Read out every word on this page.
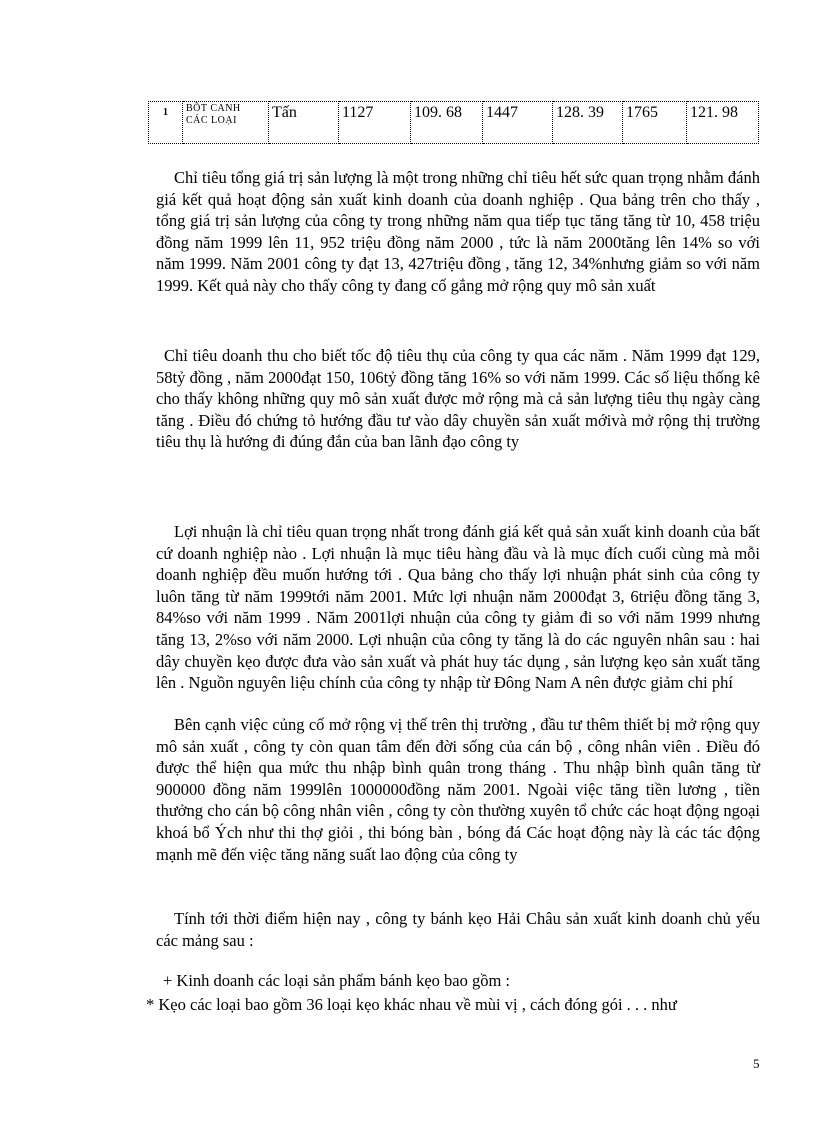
1	BÕT CANH CÁC LOẠI	Tấn	1127	109. 68	1447	128. 39	1765	121. 98

Chỉ tiêu tổng giá trị sản lượng là một trong những chỉ tiêu hết sức quan trọng nhằm đánh giá kết quả hoạt động sản xuất kinh doanh của doanh nghiệp . Qua bảng trên cho thấy , tổng giá trị sản lượng của công ty trong những năm qua tiếp tục tăng tăng từ 10, 458 triệu đồng năm 1999 lên 11, 952 triệu đồng năm 2000 , tức là năm 2000tăng lên 14% so với năm 1999. Năm 2001 công ty đạt 13, 427triệu đồng , tăng 12, 34%nhưng giảm so với năm 1999. Kết quả này cho thấy công ty đang cố gắng mở rộng quy mô sản xuất

Chỉ tiêu doanh thu cho biết tốc độ tiêu thụ của công ty qua các năm . Năm 1999 đạt 129, 58tỷ đồng , năm 2000đạt 150, 106tỷ đồng tăng 16% so với năm 1999. Các số liệu thống kê cho thấy không những quy mô sản xuất được mở rộng mà cả sản lượng tiêu thụ ngày càng tăng . Điều đó chứng tỏ hướng đầu tư vào dây chuyền sản xuất mớivà mở rộng thị trường tiêu thụ là hướng đi đúng đắn của ban lãnh đạo công ty

Lợi nhuận là chỉ tiêu quan trọng nhất trong đánh giá kết quả sản xuất kinh doanh của bất cứ doanh nghiệp nào . Lợi nhuận là mục tiêu hàng đầu và là mục đích cuối cùng mà mỗi doanh nghiệp đều muốn hướng tới . Qua bảng cho thấy lợi nhuận phát sinh của công ty luôn tăng từ năm 1999tới năm 2001. Mức lợi nhuận năm 2000đạt 3, 6triệu đồng tăng 3, 84%so với năm 1999 . Năm 2001lợi nhuận của công ty giảm đi so với năm 1999 nhưng tăng 13, 2%so với năm 2000. Lợi nhuận của công ty tăng là do các nguyên nhân sau : hai dây chuyền kẹo được đưa vào sản xuất và phát huy tác dụng , sản lượng kẹo sản xuất tăng lên . Nguồn nguyên liệu chính của công ty nhập từ Đông Nam A nên được giảm chi phí

Bên cạnh việc củng cố mở rộng vị thế trên thị trường , đầu tư thêm thiết bị mở rộng quy mô sản xuất , công ty còn quan tâm đến đời sống của cán bộ , công nhân viên . Điều đó được thể hiện qua mức thu nhập bình quân trong tháng . Thu nhập bình quân tăng từ 900000 đồng năm 1999lên 1000000đồng năm 2001. Ngoài việc tăng tiền lương , tiền thưởng cho cán bộ công nhân viên , công ty còn thường xuyên tổ chức các hoạt động ngoại khoá bổ Ých như thi thợ giỏi , thi bóng bàn , bóng đá Các hoạt động này là các tác động mạnh mẽ đến việc tăng năng suất lao động của công ty

Tính tới thời điểm hiện nay , công ty bánh kẹo Hải Châu sản xuất kinh doanh chủ yếu các mảng sau :

+ Kinh doanh các loại sản phẩm bánh kẹo bao gồm :
* Kẹo các loại bao gồm 36 loại kẹo khác nhau về mùi vị , cách đóng gói . . . như
5
